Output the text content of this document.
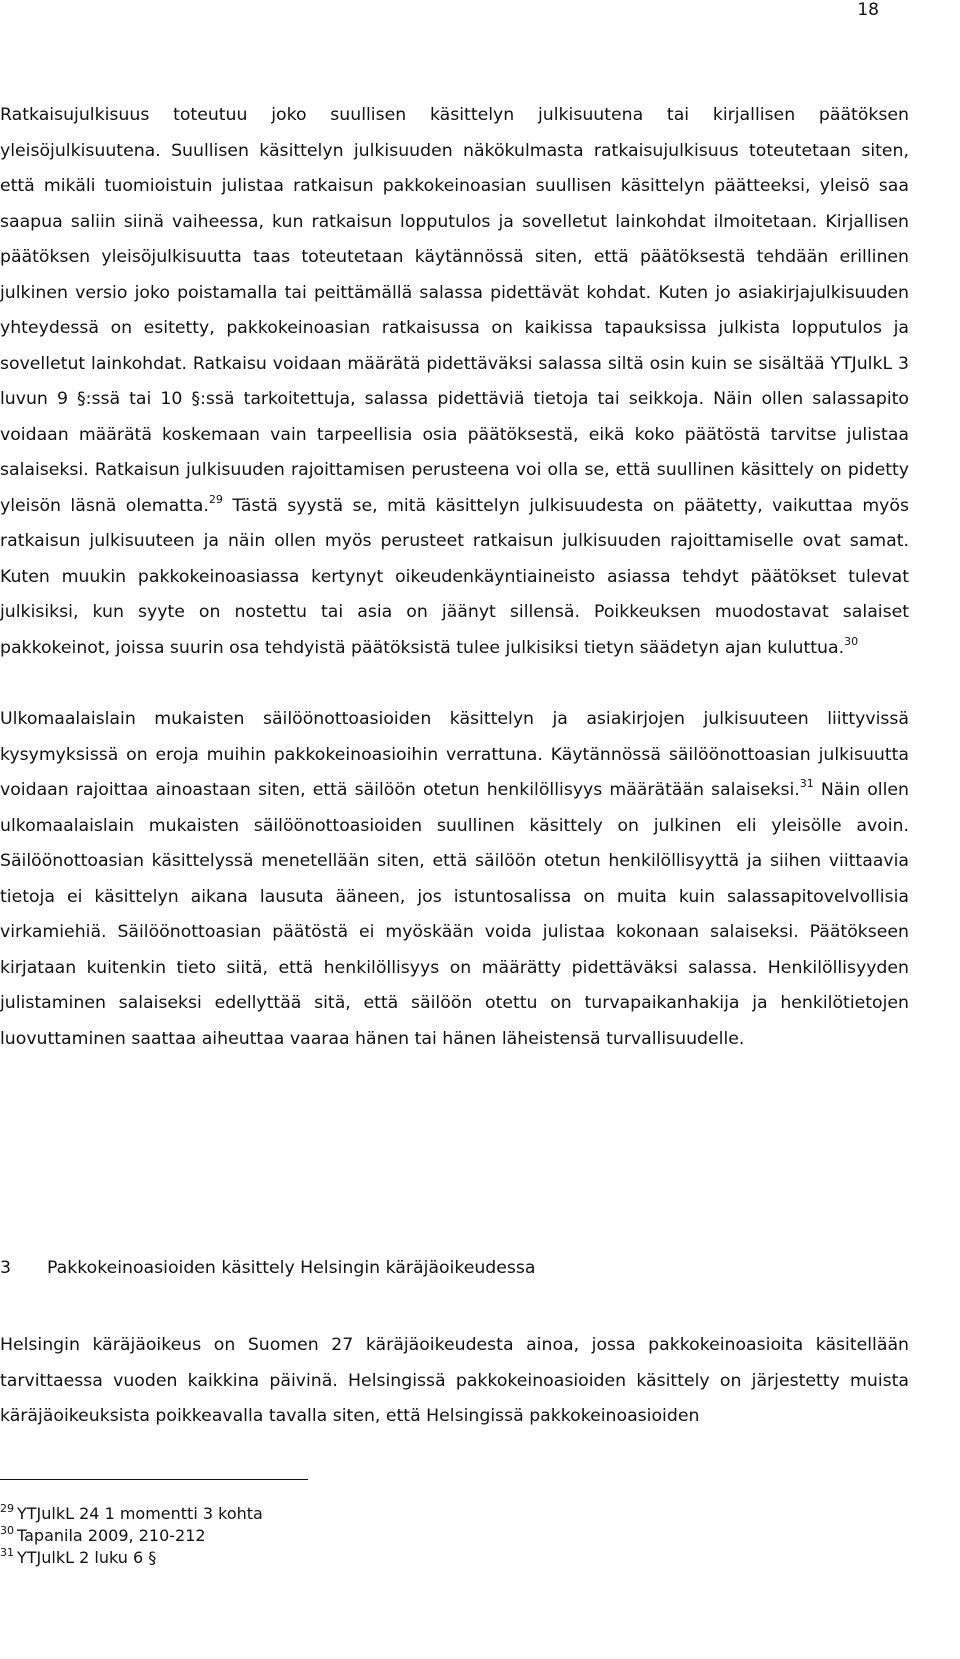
18

Ratkaisujulkisuus toteutuu joko suullisen käsittelyn julkisuutena tai kirjallisen päätöksen yleisöjulkisuutena. Suullisen käsittelyn julkisuuden näkökulmasta ratkaisujulkisuus toteutetaan siten, että mikäli tuomioistuin julistaa ratkaisun pakkokeinoasian suullisen käsittelyn päätteeksi, yleisö saa saapua saliin siinä vaiheessa, kun ratkaisun lopputulos ja sovelletut lainkohdat ilmoitetaan. Kirjallisen päätöksen yleisöjulkisuutta taas toteutetaan käytännössä siten, että päätöksestä tehdään erillinen julkinen versio joko poistamalla tai peittämällä salassa pidettävät kohdat. Kuten jo asiakirjajulkisuuden yhteydessä on esitetty, pakkokeinoasian ratkaisussa on kaikissa tapauksissa julkista lopputulos ja sovelletut lainkohdat. Ratkaisu voidaan määrätä pidettäväksi salassa siltä osin kuin se sisältää YTJulkL 3 luvun 9 §:ssä tai 10 §:ssä tarkoitettuja, salassa pidettäviä tietoja tai seikkoja. Näin ollen salassapito voidaan määrätä koskemaan vain tarpeellisia osia päätöksestä, eikä koko päätöstä tarvitse julistaa salaiseksi. Ratkaisun julkisuuden rajoittamisen perusteena voi olla se, että suullinen käsittely on pidetty yleisön läsnä olematta.$^{29}$ Tästä syystä se, mitä käsittelyn julkisuudesta on päätetty, vaikuttaa myös ratkaisun julkisuuteen ja näin ollen myös perusteet ratkaisun julkisuuden rajoittamiselle ovat samat. Kuten muukin pakkokeinoasiassa kertynyt oikeudenkäyntiaineisto asiassa tehdyt päätökset tulevat julkisiksi, kun syyte on nostettu tai asia on jäänyt sillensä. Poikkeuksen muodostavat salaiset pakkokeinot, joissa suurin osa tehdyistä päätöksistä tulee julkisiksi tietyn säädetyn ajan kuluttua.$^{30}$

Ulkomaalaislain mukaisten säilöönottoasioiden käsittelyn ja asiakirjojen julkisuuteen liittyvissä kysymyksissä on eroja muihin pakkokeinoasioihin verrattuna. Käytännössä säilöönottoasian julkisuutta voidaan rajoittaa ainoastaan siten, että säilöön otetun henkilöllisyys määrätään salaiseksi.$^{31}$ Näin ollen ulkomaalaislain mukaisten säilöönottoasioiden suullinen käsittely on julkinen eli yleisölle avoin. Säilöönottoasian käsittelyssä menetellään siten, että säilöön otetun henkilöllisyyttä ja siihen viittaavia tietoja ei käsittelyn aikana lausuta ääneen, jos istuntosalissa on muita kuin salassapitovelvollisia virkamiehiä. Säilöönottoasian päätöstä ei myöskään voida julistaa kokonaan salaiseksi. Päätökseen kirjataan kuitenkin tieto siitä, että henkilöllisyys on määrätty pidettäväksi salassa. Henkilöllisyyden julistaminen salaiseksi edellyttää sitä, että säilöön otettu on turvapaikanhakija ja henkilötietojen luovuttaminen saattaa aiheuttaa vaaraa hänen tai hänen läheistensä turvallisuudelle.

3 Pakkokeinoasioiden käsittely Helsingin käräjäoikeudessa

Helsingin käräjäoikeus on Suomen 27 käräjäoikeudesta ainoa, jossa pakkokeinoasioita käsitellään tarvittaessa vuoden kaikkina päivinä. Helsingissä pakkokeinoasioiden käsittely on järjestetty muista käräjäoikeuksista poikkeavalla tavalla siten, että Helsingissä pakkokeinoasioiden

$^{29}$ YTJulkL 24 1 momentti 3 kohta

$^{30}$ Tapanila 2009, 210-212

$^{31}$ YTJulkL 2 luku 6 §
